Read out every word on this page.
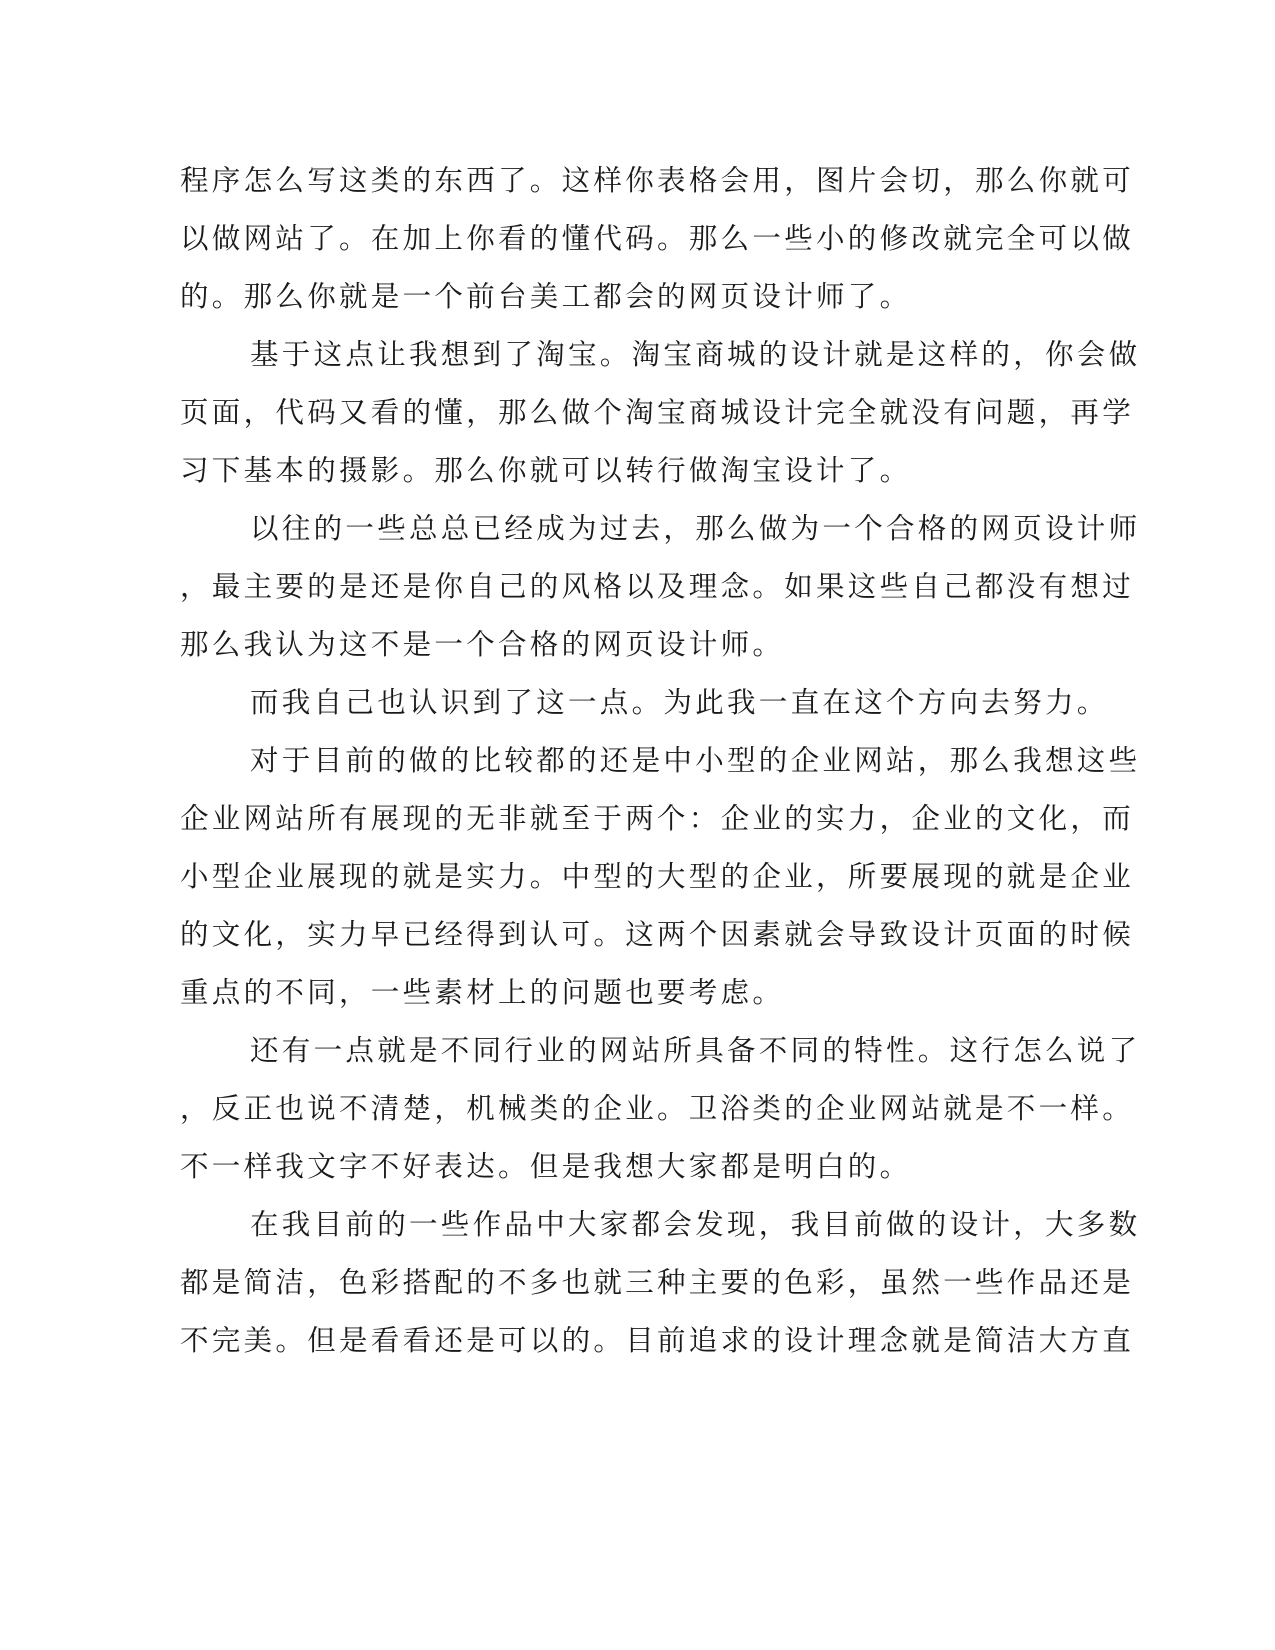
程序怎么写这类的东西了。这样你表格会用，图片会切，那么你就可
以做网站了。在加上你看的懂代码。那么一些小的修改就完全可以做
的。那么你就是一个前台美工都会的网页设计师了。
基于这点让我想到了淘宝。淘宝商城的设计就是这样的，你会做
页面，代码又看的懂，那么做个淘宝商城设计完全就没有问题，再学
习下基本的摄影。那么你就可以转行做淘宝设计了。
以往的一些总总已经成为过去，那么做为一个合格的网页设计师
，最主要的是还是你自己的风格以及理念。如果这些自己都没有想过
那么我认为这不是一个合格的网页设计师。
而我自己也认识到了这一点。为此我一直在这个方向去努力。
对于目前的做的比较都的还是中小型的企业网站，那么我想这些
企业网站所有展现的无非就至于两个：企业的实力，企业的文化，而
小型企业展现的就是实力。中型的大型的企业，所要展现的就是企业
的文化，实力早已经得到认可。这两个因素就会导致设计页面的时候
重点的不同，一些素材上的问题也要考虑。
还有一点就是不同行业的网站所具备不同的特性。这行怎么说了
，反正也说不清楚，机械类的企业。卫浴类的企业网站就是不一样。
不一样我文字不好表达。但是我想大家都是明白的。
在我目前的一些作品中大家都会发现，我目前做的设计，大多数
都是简洁，色彩搭配的不多也就三种主要的色彩，虽然一些作品还是
不完美。但是看看还是可以的。目前追求的设计理念就是简洁大方直
